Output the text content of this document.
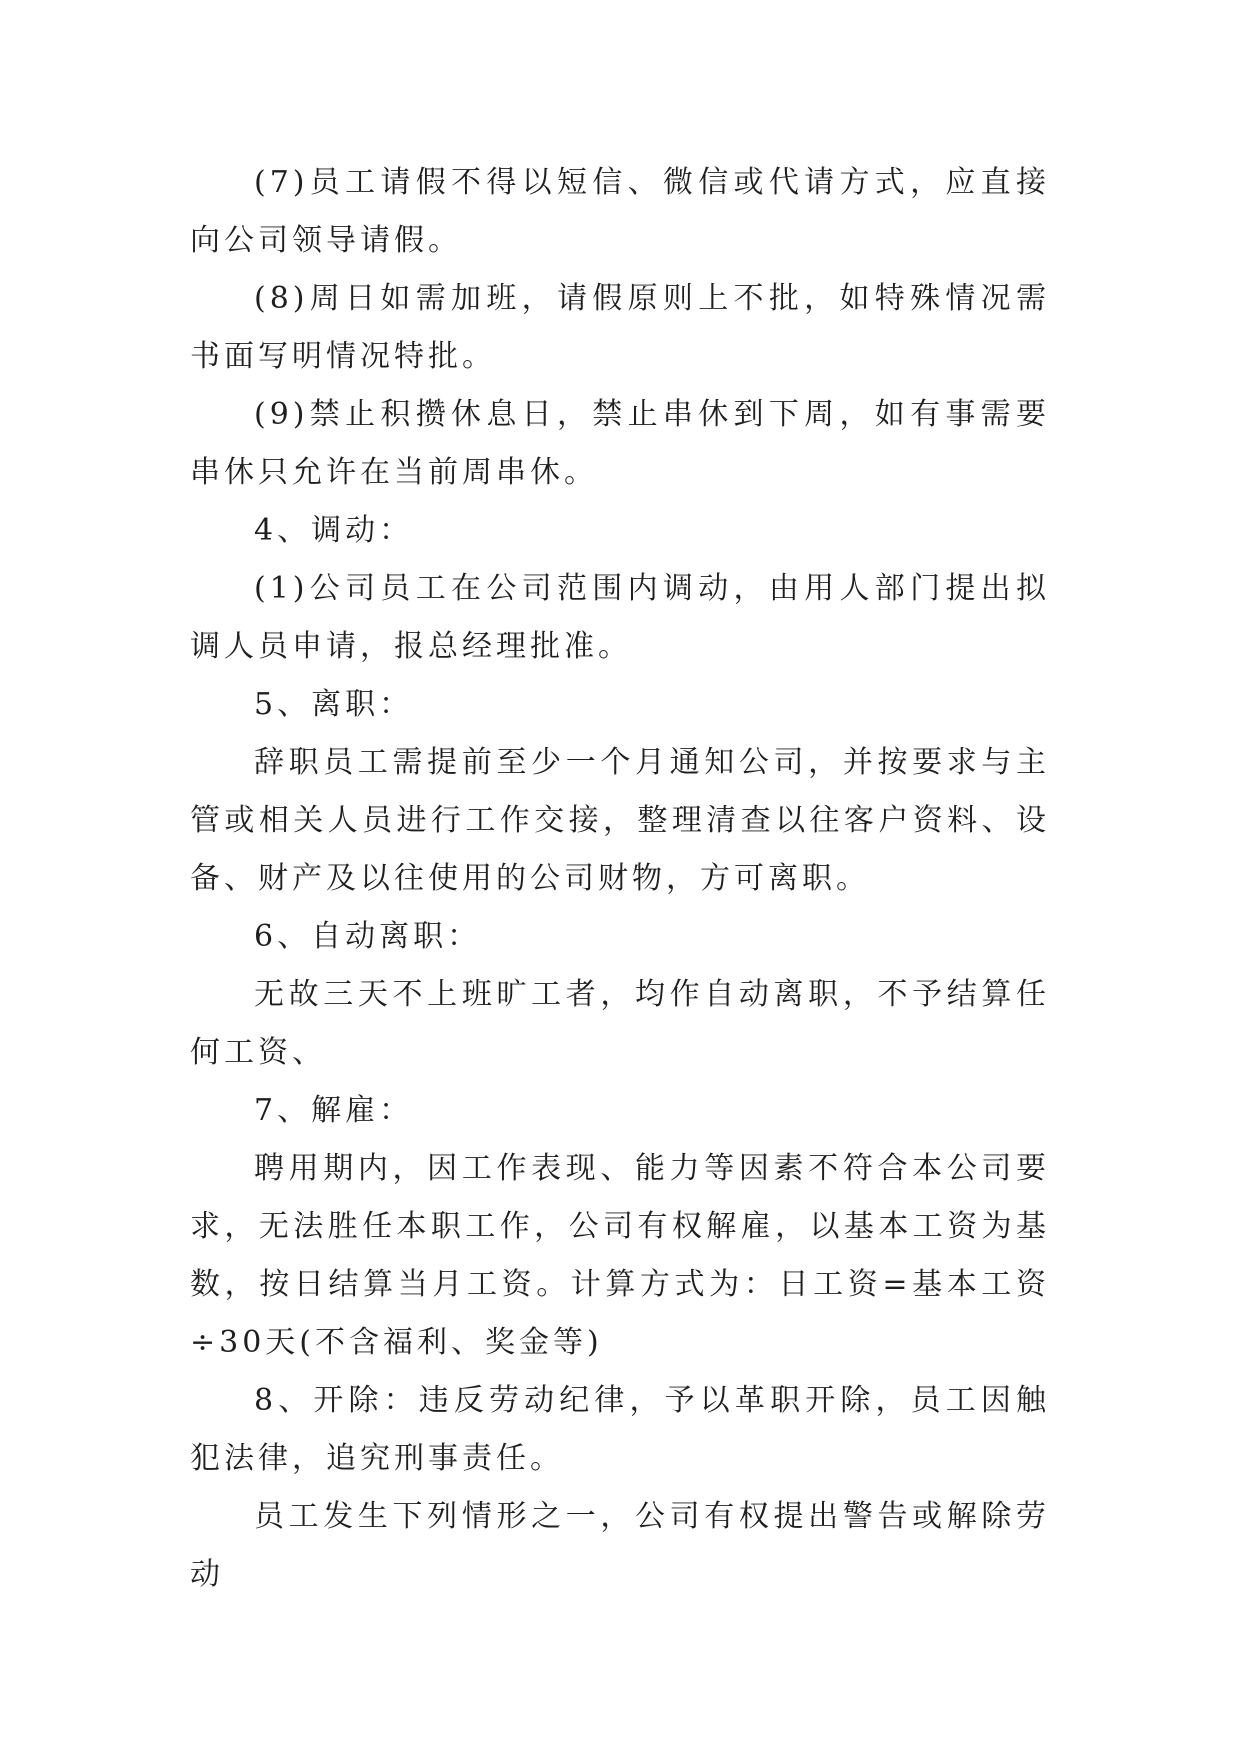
(7)员工请假不得以短信、微信或代请方式，应直接向公司领导请假。

(8)周日如需加班，请假原则上不批，如特殊情况需书面写明情况特批。

(9)禁止积攒休息日，禁止串休到下周，如有事需要串休只允许在当前周串休。

4、调动：

(1)公司员工在公司范围内调动，由用人部门提出拟调人员申请，报总经理批准。

5、离职：

辞职员工需提前至少一个月通知公司，并按要求与主管或相关人员进行工作交接，整理清查以往客户资料、设备、财产及以往使用的公司财物，方可离职。

6、自动离职：

无故三天不上班旷工者，均作自动离职，不予结算任何工资、

7、解雇：

聘用期内，因工作表现、能力等因素不符合本公司要求，无法胜任本职工作，公司有权解雇，以基本工资为基数，按日结算当月工资。计算方式为：日工资=基本工资÷30天(不含福利、奖金等)

8、开除：违反劳动纪律，予以革职开除，员工因触犯法律，追究刑事责任。

员工发生下列情形之一，公司有权提出警告或解除劳动
